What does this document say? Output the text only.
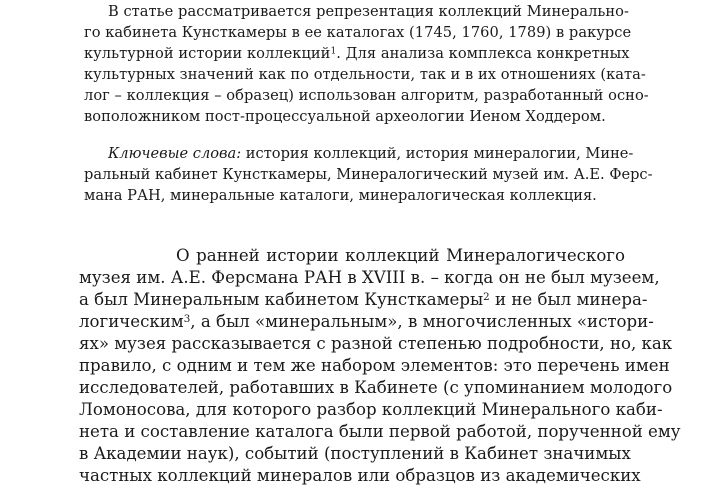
В статье рассматривается репрезентация коллекций Минерально-
го кабинета Кунсткамеры в ее каталогах (1745, 1760, 1789) в ракурсе
культурной истории коллекций$^1$. Для анализа комплекса конкретных
культурных значений как по отдельности, так и в их отношениях (ката-
лог – коллекция – образец) использован алгоритм, разработанный осно-
воположником пост-процессуальной археологии Иеном Ходдером.
Ключевые слова: история коллекций, история минералогии, Мине-
ральный кабинет Кунсткамеры, Минералогический музей им. А.Е. Ферс-
мана РАН, минеральные каталоги, минералогическая коллекция.
О ранней истории коллекций Минералогического
музея им. А.Е. Ферсмана РАН в XVIII в. – когда он не был музеем,
а был Минеральным кабинетом Кунсткамеры$^2$ и не был минера-
логическим$^3$, а был «минеральным», в многочисленных «истори-
ях» музея рассказывается с разной степенью подробности, но, как
правило, с одним и тем же набором элементов: это перечень имен
исследователей, работавших в Кабинете (с упоминанием молодого
Ломоносова, для которого разбор коллекций Минерального каби-
нета и составление каталога были первой работой, порученной ему
в Академии наук), событий (поступлений в Кабинет значимых
частных коллекций минералов или образцов из академических
